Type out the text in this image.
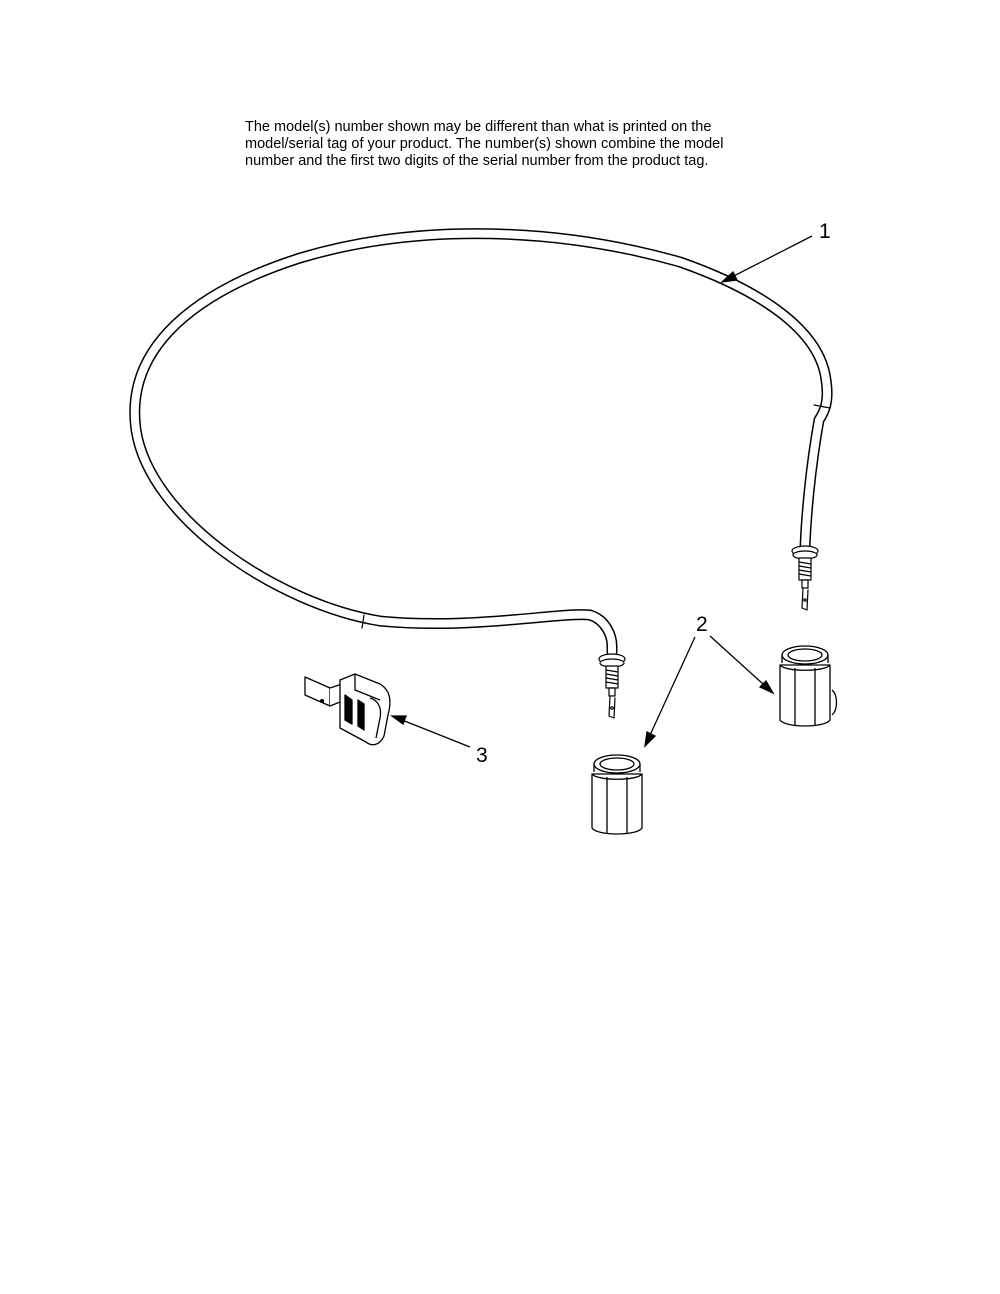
The model(s) number shown may be different than what is printed on the
model/serial tag of your product. The number(s) shown combine the model
number and the first two digits of the serial number from the product tag.

1
2
3
